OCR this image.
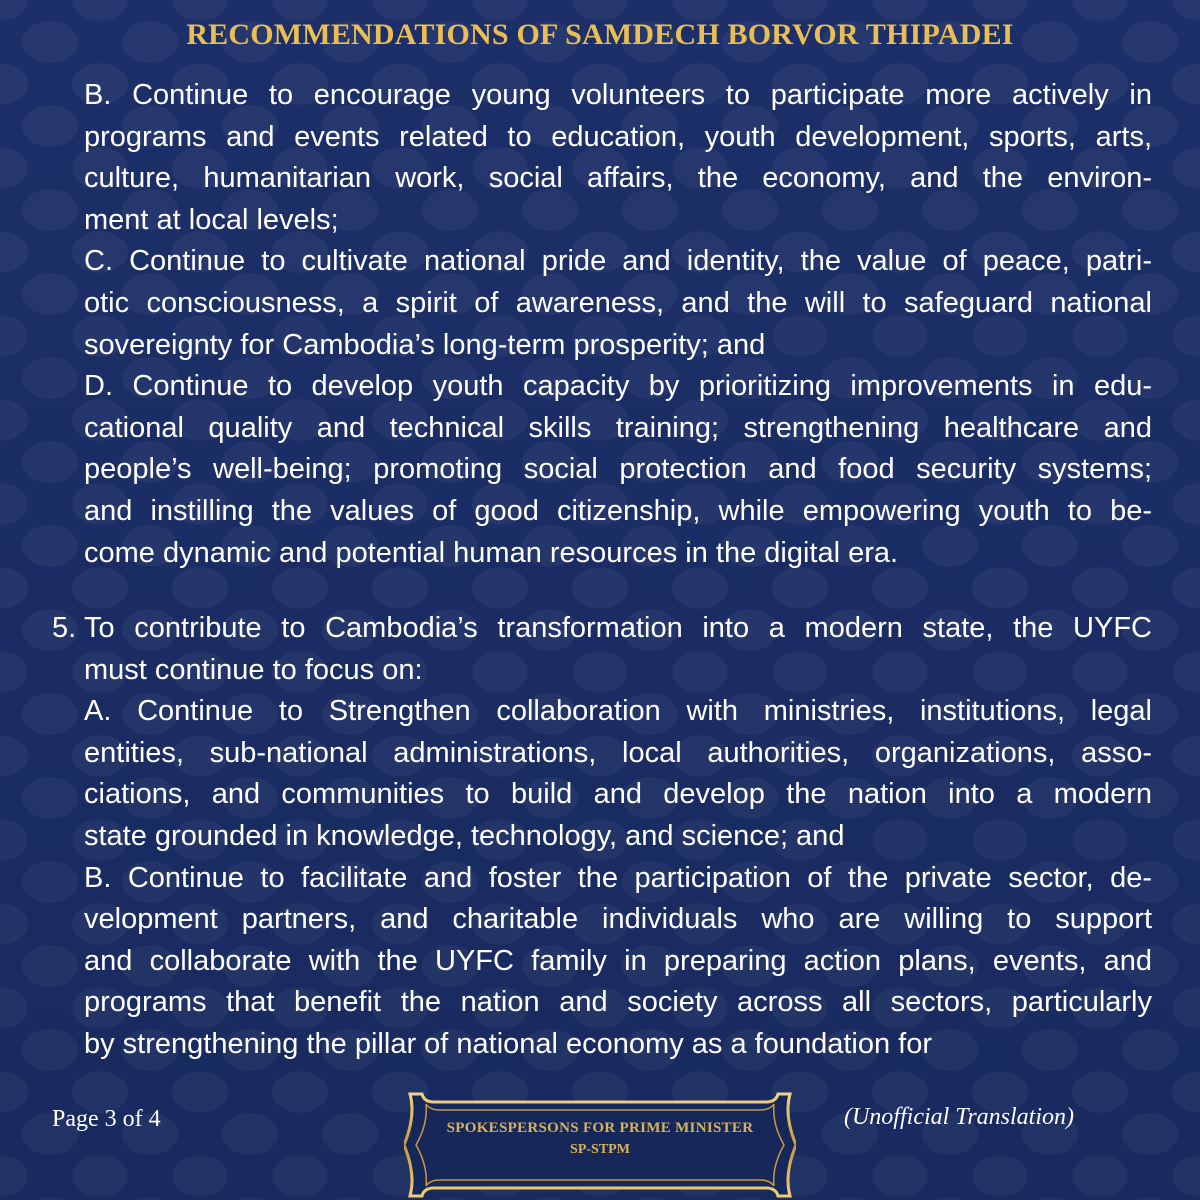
RECOMMENDATIONS OF SAMDECH BORVOR THIPADEI
B. Continue to encourage young volunteers to participate more actively in
programs and events related to education, youth development, sports, arts,
culture, humanitarian work, social affairs, the economy, and the environ-
ment at local levels;
C. Continue to cultivate national pride and identity, the value of peace, patri-
otic consciousness, a spirit of awareness, and the will to safeguard national
sovereignty for Cambodia’s long-term prosperity; and
D. Continue to develop youth capacity by prioritizing improvements in edu-
cational quality and technical skills training; strengthening healthcare and
people’s well-being; promoting social protection and food security systems;
and instilling the values of good citizenship, while empowering youth to be-
come dynamic and potential human resources in the digital era.
5. To contribute to Cambodia’s transformation into a modern state, the UYFC
must continue to focus on:
A. Continue to Strengthen collaboration with ministries, institutions, legal
entities, sub-national administrations, local authorities, organizations, asso-
ciations, and communities to build and develop the nation into a modern
state grounded in knowledge, technology, and science; and
B. Continue to facilitate and foster the participation of the private sector, de-
velopment partners, and charitable individuals who are willing to support
and collaborate with the UYFC family in preparing action plans, events, and
programs that benefit the nation and society across all sectors, particularly
by strengthening the pillar of national economy as a foundation for
Page 3 of 4	SPOKESPERSONS FOR PRIME MINISTER
SP-STPM
(Unofficial Translation)
